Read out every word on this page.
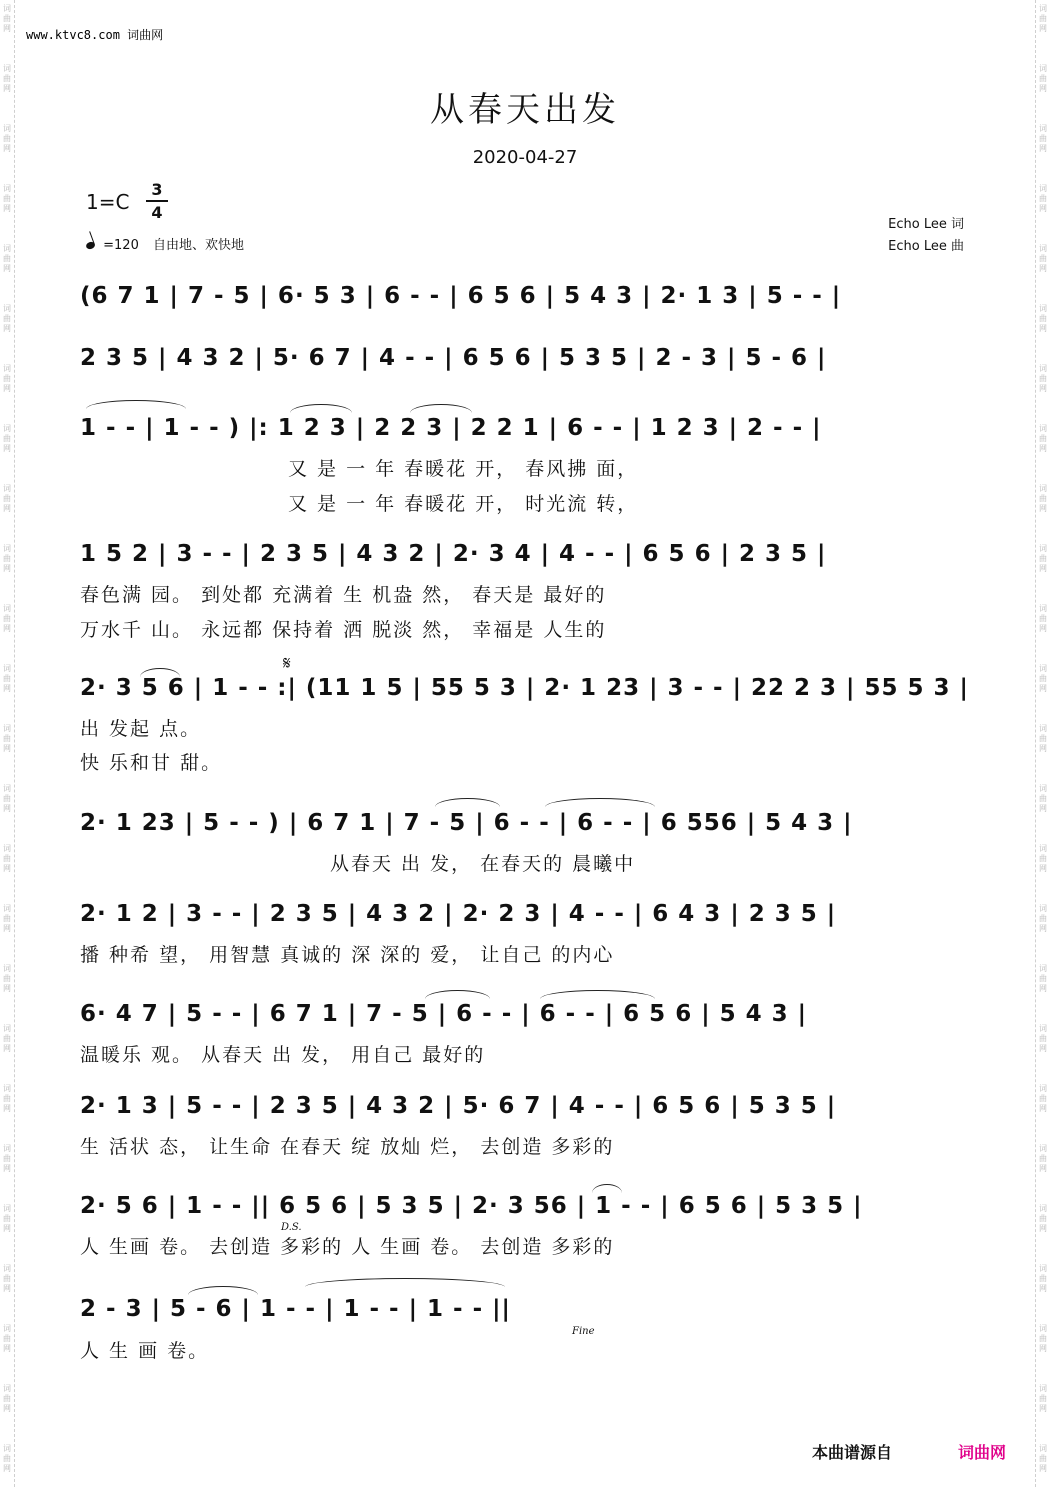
词
曲
网
词
曲
网
词
曲
网
词
曲
网
词
曲
网
词
曲
网
词
曲
网
词
曲
网
词
曲
网
词
曲
网
词
曲
网
词
曲
网
词
曲
网
词
曲
网
词
曲
网
词
曲
网
词
曲
网
词
曲
网
词
曲
网
词
曲
网
词
曲
网
词
曲
网
词
曲
网
词
曲
网
词
曲
网
词
曲
网
词
曲
网
词
曲
网
词
曲
网
词
曲
网
词
曲
网
词
曲
网
词
曲
网
词
曲
网
词
曲
网
词
曲
网
词
曲
网
词
曲
网
词
曲
网
词
曲
网
词
曲
网
词
曲
网
词
曲
网
词
曲
网
词
曲
网
词
曲
网
词
曲
网
词
曲
网
词
曲
网
词
曲
网
www.ktvc8.com 词曲网
从春天出发
2020-04-27
1=C
3
4
=120 自由地、欢快地
Echo Lee 词
Echo Lee 曲
(6 7 1 | 7 - 5 | 6· 5 3 | 6 - - | 6 5 6 | 5 4 3 | 2· 1 3 | 5 - - |
2 3 5 | 4 3 2 | 5· 6 7 | 4 - - | 6 5 6 | 5 3 5 | 2 - 3 | 5 - 6 |
1 - - | 1 - - ) |: 1 2 3 | 2 2 3 | 2 2 1 | 6 - - | 1 2 3 | 2 - - |
又 是 一 年 春暖花 开， 春风拂 面，
又 是 一 年 春暖花 开， 时光流 转，
1 5 2 | 3 - - | 2 3 5 | 4 3 2 | 2· 3 4 | 4 - - | 6 5 6 | 2 3 5 |
春色满 园。 到处都 充满着 生 机盎 然， 春天是 最好的
万水千 山。 永远都 保持着 洒 脱淡 然， 幸福是 人生的
𝄋
2· 3 5 6 | 1 - - :| (11 1 5 | 55 5 3 | 2· 1 23 | 3 - - | 22 2 3 | 55 5 3 |
出 发起 点。
快 乐和甘 甜。
2· 1 23 | 5 - - ) | 6 7 1 | 7 - 5 | 6 - - | 6 - - | 6 556 | 5 4 3 |
从春天 出 发， 在春天的 晨曦中
2· 1 2 | 3 - - | 2 3 5 | 4 3 2 | 2· 2 3 | 4 - - | 6 4 3 | 2 3 5 |
播 种希 望， 用智慧 真诚的 深 深的 爱， 让自己 的内心
6· 4 7 | 5 - - | 6 7 1 | 7 - 5 | 6 - - | 6 - - | 6 5 6 | 5 4 3 |
温暖乐 观。 从春天 出 发， 用自己 最好的
2· 1 3 | 5 - - | 2 3 5 | 4 3 2 | 5· 6 7 | 4 - - | 6 5 6 | 5 3 5 |
生 活状 态， 让生命 在春天 绽 放灿 烂， 去创造 多彩的
2· 5 6 | 1 - - || 6 5 6 | 5 3 5 | 2· 3 56 | 1 - - | 6 5 6 | 5 3 5 |
D.S.
人 生画 卷。 去创造 多彩的 人 生画 卷。 去创造 多彩的
2 - 3 | 5 - 6 | 1 - - | 1 - - | 1 - - ||
Fine
人 生 画 卷。
本曲谱源自	词曲网
